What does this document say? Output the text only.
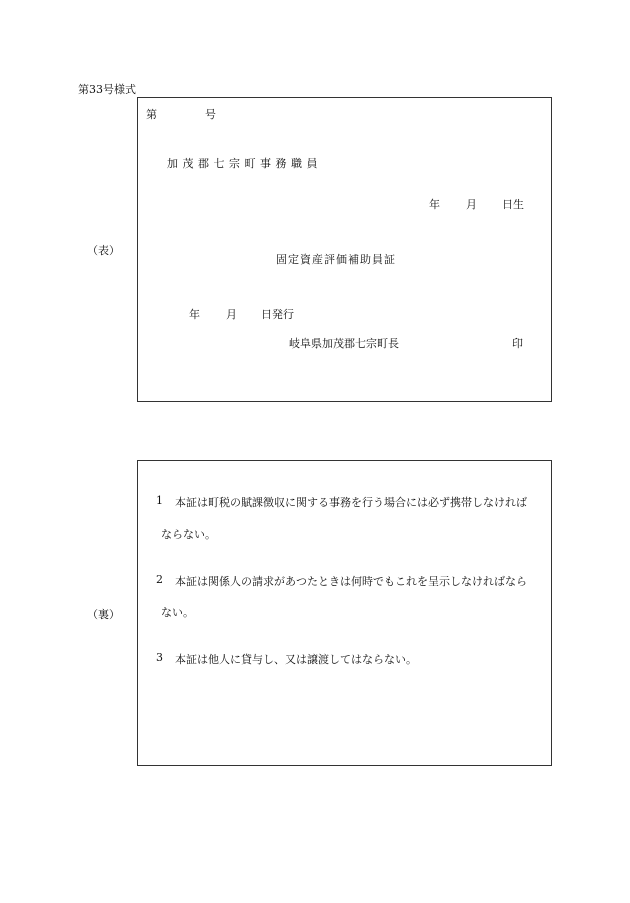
第33号様式
（表）
第	号
加茂郡七宗町事務職員
年 月 日生
固定資産評価補助員証
年 月 日発行
岐阜県加茂郡七宗町長	印
（裏）
1 本証は町税の賦課徴収に関する事務を行う場合には必ず携帯しなければ
ならない。
2 本証は関係人の請求があつたときは何時でもこれを呈示しなければなら
ない。
3 本証は他人に貸与し、又は譲渡してはならない。
